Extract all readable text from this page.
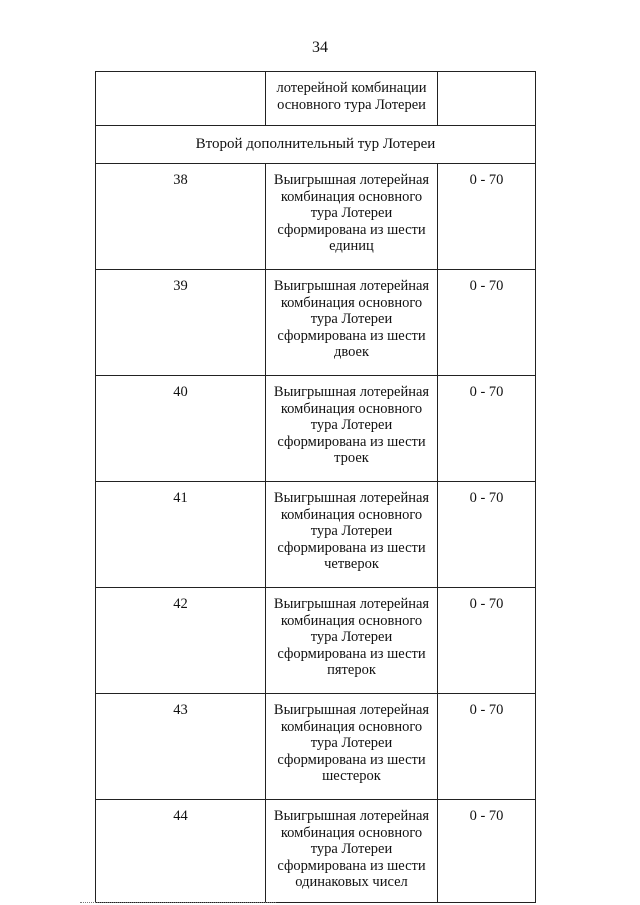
34

	лотерейной комбинации основного тура Лотереи	

Второй дополнительный тур Лотереи		
38	Выигрышная лотерейная комбинация основного тура Лотереи сформирована из шести единиц	0 - 70
39	Выигрышная лотерейная комбинация основного тура Лотереи сформирована из шести двоек	0 - 70
40	Выигрышная лотерейная комбинация основного тура Лотереи сформирована из шести троек	0 - 70
41	Выигрышная лотерейная комбинация основного тура Лотереи сформирована из шести четверок	0 - 70
42	Выигрышная лотерейная комбинация основного тура Лотереи сформирована из шести пятерок	0 - 70
43	Выигрышная лотерейная комбинация основного тура Лотереи сформирована из шести шестерок	0 - 70
44	Выигрышная лотерейная комбинация основного тура Лотереи сформирована из шести одинаковых чисел	0 - 70
